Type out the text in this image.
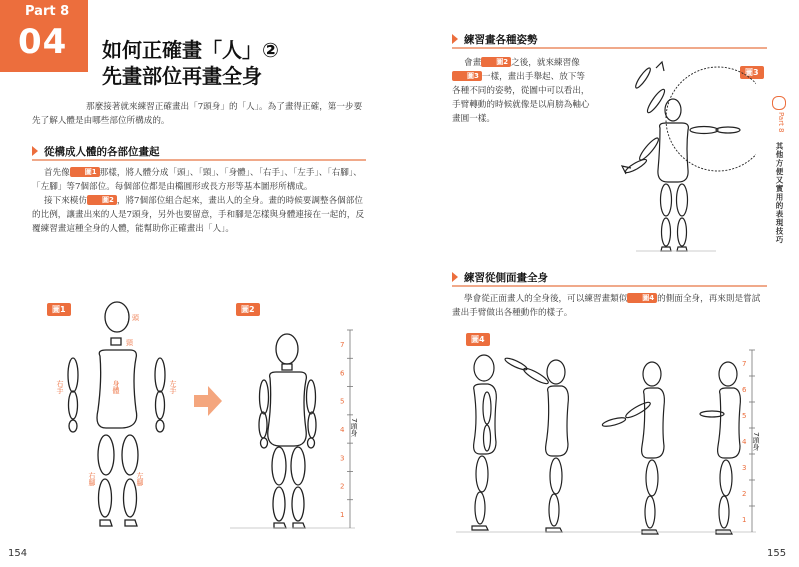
Part 8
04 如何正確畫「人」②
先畫部位再畫全身
那麼接著就來練習正確畫出「7頭身」的「人」。為了畫得正確，第一步要先了解人體是由哪些部位所構成的。
從構成人體的各部位畫起

首先像 圖1 那樣，將人體分成「頭」、「頸」、「身體」、「右手」、「左手」、「右腳」、「左腳」等7個部位。每個部位都是由橢圓形或長方形等基本圖形所構成。

接下來模仿 圖2 ，將7個部位組合起來，畫出人的全身。畫的時候要調整各個部位的比例，讓畫出來的人是7頭身，另外也要留意，手和腳是怎樣與身體連接在一起的，反覆練習畫這種全身的人體，能幫助你正確畫出「人」。

圖1
頭
頸
身體
右手	左手
右腳	左腳
圖2
7
6
5
4
3
2
1
7頭身
154
練習畫各種姿勢
會畫 圖2 之後，就來練習像圖3 一樣，畫出手舉起、放下等各種不同的姿勢，從圖中可以看出，手臂轉動的時候就像是以肩膀為軸心畫圓一樣。
圖3
練習從側面畫全身
學會從正面畫人的全身後，可以練習畫類似 圖4 的側面全身，再來則是嘗試畫出手臂做出各種動作的樣子。
圖4
7
6
5
4
3
2
1
7頭身
Part 8
其他方便又實用的表現技巧
155
